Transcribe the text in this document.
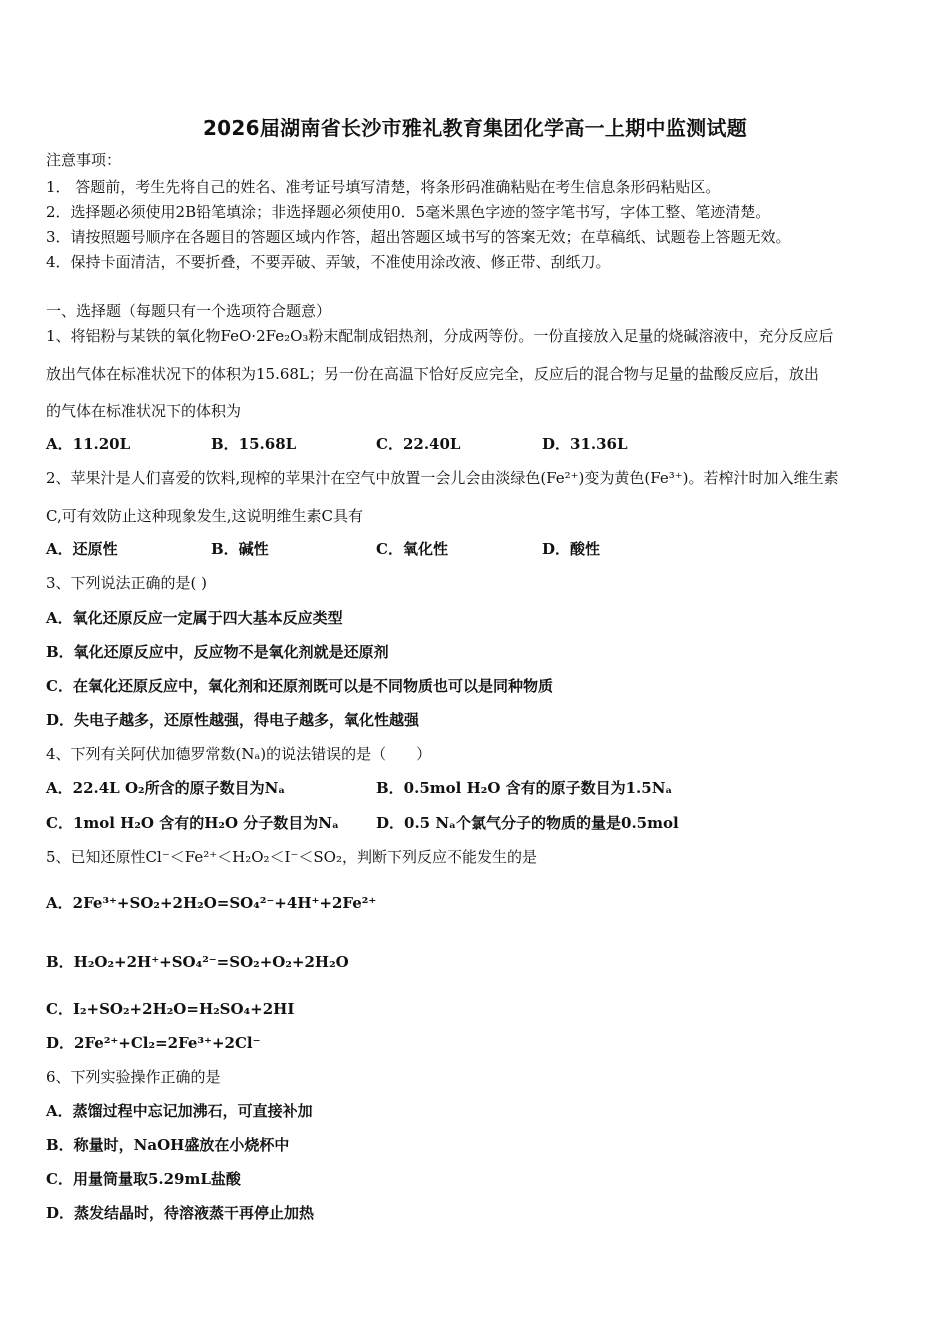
2026届湖南省长沙市雅礼教育集团化学高一上期中监测试题
注意事项：
1． 答题前，考生先将自己的姓名、准考证号填写清楚，将条形码准确粘贴在考生信息条形码粘贴区。
2．选择题必须使用2B铅笔填涂；非选择题必须使用0．5毫米黑色字迹的签字笔书写，字体工整、笔迹清楚。
3．请按照题号顺序在各题目的答题区域内作答，超出答题区域书写的答案无效；在草稿纸、试题卷上答题无效。
4．保持卡面清洁，不要折叠，不要弄破、弄皱，不准使用涂改液、修正带、刮纸刀。
一、选择题（每题只有一个选项符合题意）
1、将铝粉与某铁的氧化物FeO·2Fe₂O₃粉末配制成铝热剂，分成两等份。一份直接放入足量的烧碱溶液中，充分反应后
放出气体在标准状况下的体积为15.68L；另一份在高温下恰好反应完全，反应后的混合物与足量的盐酸反应后，放出
的气体在标准状况下的体积为
A．11.20L	B．15.68L	C．22.40L	D．31.36L
2、苹果汁是人们喜爱的饮料,现榨的苹果汁在空气中放置一会儿会由淡绿色(Fe²⁺)变为黄色(Fe³⁺)。若榨汁时加入维生素
C,可有效防止这种现象发生,这说明维生素C具有
A．还原性	B．碱性	C．氧化性	D．酸性
3、下列说法正确的是( )
A．氧化还原反应一定属于四大基本反应类型
B．氧化还原反应中，反应物不是氧化剂就是还原剂
C．在氧化还原反应中，氧化剂和还原剂既可以是不同物质也可以是同种物质
D．失电子越多，还原性越强，得电子越多，氧化性越强
4、下列有关阿伏加德罗常数(Nₐ)的说法错误的是（　　）
A．22.4L O₂所含的原子数目为Nₐ	B．0.5mol H₂O 含有的原子数目为1.5Nₐ
C．1mol H₂O 含有的H₂O 分子数目为Nₐ D．0.5 Nₐ个氯气分子的物质的量是0.5mol
5、已知还原性Cl⁻＜Fe²⁺＜H₂O₂＜I⁻＜SO₂，判断下列反应不能发生的是
A．2Fe³⁺+SO₂+2H₂O=SO₄²⁻+4H⁺+2Fe²⁺
B．H₂O₂+2H⁺+SO₄²⁻=SO₂+O₂+2H₂O
C．I₂+SO₂+2H₂O=H₂SO₄+2HI
D．2Fe²⁺+Cl₂=2Fe³⁺+2Cl⁻
6、下列实验操作正确的是
A．蒸馏过程中忘记加沸石，可直接补加
B．称量时，NaOH盛放在小烧杯中
C．用量筒量取5.29mL盐酸
D．蒸发结晶时，待溶液蒸干再停止加热
